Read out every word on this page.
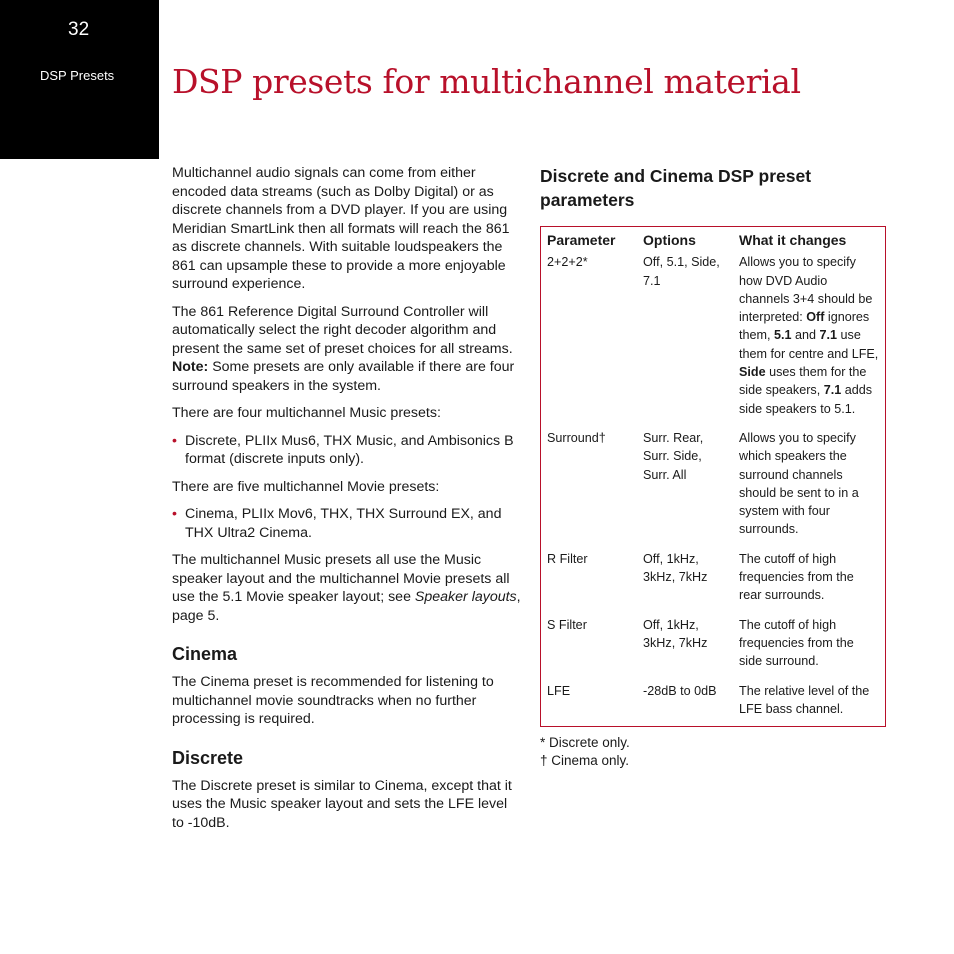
32
DSP Presets DSP presets for multichannel material

Multichannel audio signals can come from either encoded data streams (such as Dolby Digital) or as discrete channels from a DVD player. If you are using Meridian SmartLink then all formats will reach the 861 as discrete channels. With suitable loudspeakers the 861 can upsample these to provide a more enjoyable surround experience.

The 861 Reference Digital Surround Controller will automatically select the right decoder algorithm and present the same set of preset choices for all streams. Note: Some presets are only available if there are four surround speakers in the system.

There are four multichannel Music presets:

• Discrete, PLIIx Mus6, THX Music, and Ambisonics B format (discrete inputs only).

There are five multichannel Movie presets:

• Cinema, PLIIx Mov6, THX, THX Surround EX, and THX Ultra2 Cinema.

The multichannel Music presets all use the Music speaker layout and the multichannel Movie presets all use the 5.1 Movie speaker layout; see Speaker layouts, page 5.

Cinema

The Cinema preset is recommended for listening to multichannel movie soundtracks when no further processing is required.

Discrete

The Discrete preset is similar to Cinema, except that it uses the Music speaker layout and sets the LFE level to -10dB.

Discrete and Cinema DSP preset parameters
Parameter	Options	What it changes
2+2+2*	Off, 5.1, Side, 7.1	Allows you to specify how DVD Audio channels 3+4 should be interpreted: Off ignores them, 5.1 and 7.1 use them for centre and LFE, Side uses them for the side speakers, 7.1 adds side speakers to 5.1.
Surround†	Surr. Rear, Surr. Side, Surr. All	Allows you to specify which speakers the surround channels should be sent to in a system with four surrounds.
R Filter	Off, 1kHz, 3kHz, 7kHz	The cutoff of high frequencies from the rear surrounds.
S Filter	Off, 1kHz, 3kHz, 7kHz	The cutoff of high frequencies from the side surround.
LFE	-28dB to 0dB	The relative level of the LFE bass channel.
* Discrete only.
† Cinema only.
